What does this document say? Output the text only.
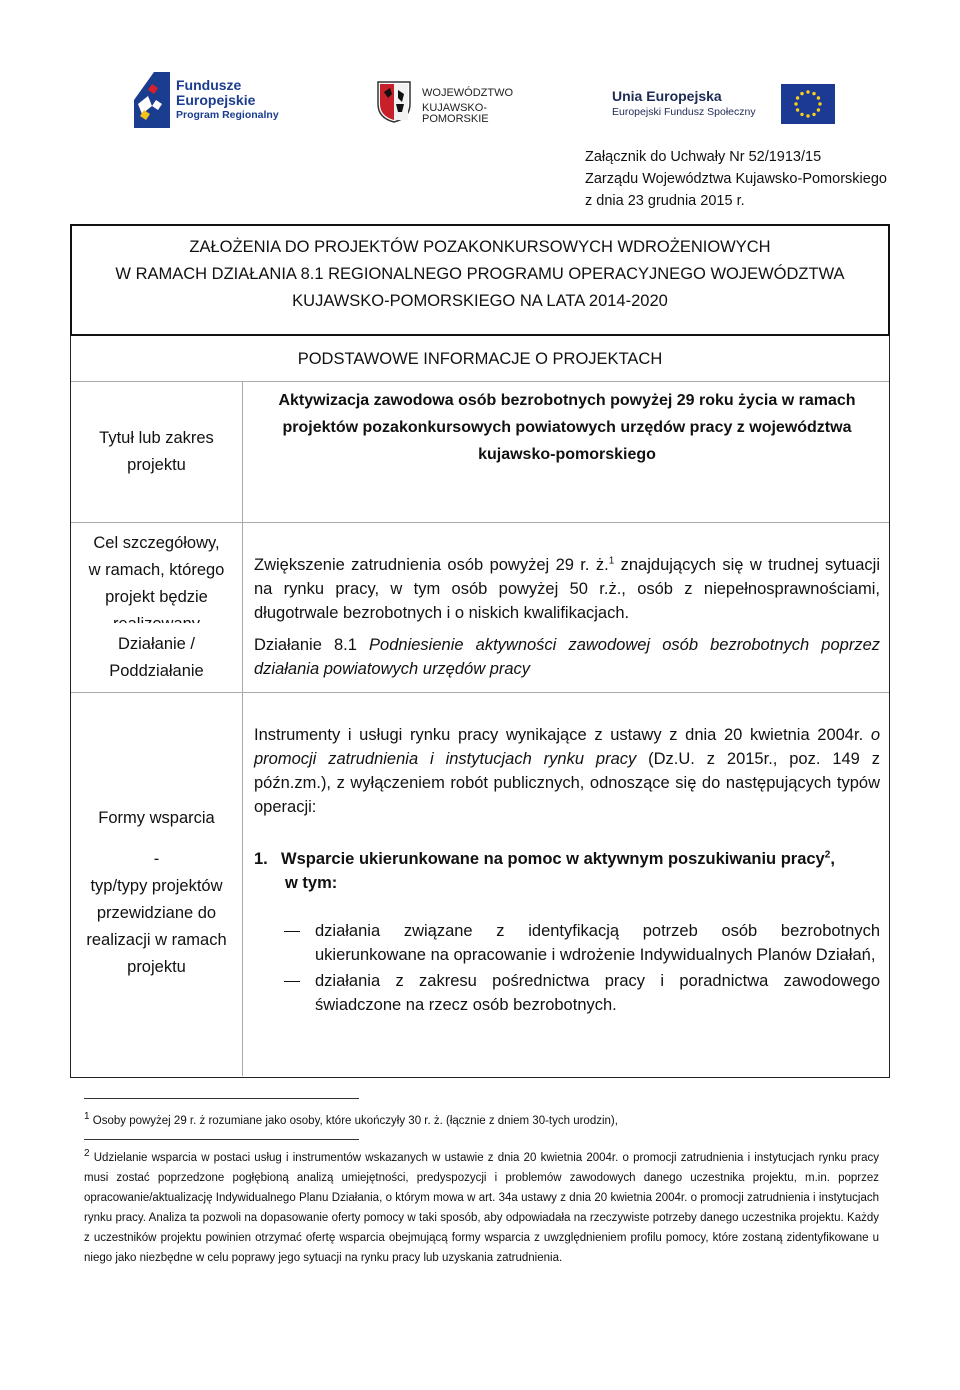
Fundusze
Europejskie
Program Regionalny
WOJEWÓDZTWO
KUJAWSKO-POMORSKIE
Unia Europejska
Europejski Fundusz Społeczny
Załącznik do Uchwały Nr 52/1913/15
Zarządu Województwa Kujawsko-Pomorskiego
z dnia 23 grudnia 2015 r.
ZAŁOŻENIA DO PROJEKTÓW POZAKONKURSOWYCH WDROŻENIOWYCH
W RAMACH DZIAŁANIA 8.1 REGIONALNEGO PROGRAMU OPERACYJNEGO WOJEWÓDZTWA
KUJAWSKO-POMORSKIEGO NA LATA 2014-2020
PODSTAWOWE INFORMACJE O PROJEKTACH
Tytuł lub zakres
projektu
Aktywizacja zawodowa osób bezrobotnych powyżej 29 roku życia w ramach projektów pozakonkursowych powiatowych urzędów pracy z województwa kujawsko-pomorskiego
Cel szczegółowy,
w ramach, którego
projekt będzie
Zwiększenie zatrudnienia osób powyżej 29 r. ż.$^1$ znajdujących się w trudnej sytuacji na rynku pracy, w tym osób powyżej 50 r.ż., osób z niepełnosprawnościami, długotrwale bezrobotnych i o niskich kwalifikacjach.
Działanie /
Poddziałanie
Działanie 8.1 Podniesienie aktywności zawodowej osób bezrobotnych poprzez działania powiatowych urzędów pracy
Formy wsparcia
-
typ/typy projektów
przewidziane do
realizacji w ramach
projektu
Instrumenty i usługi rynku pracy wynikające z ustawy z dnia 20 kwietnia 2004r. o promocji zatrudnienia i instytucjach rynku pracy (Dz.U. z 2015r., poz. 149 z późn.zm.), z wyłączeniem robót publicznych, odnoszące się do następujących typów operacji:
1. Wsparcie ukierunkowane na pomoc w aktywnym poszukiwaniu pracy$^2$,
w tym:
działania związane z identyfikacją potrzeb osób bezrobotnych ukierunkowane na opracowanie i wdrożenie Indywidualnych Planów Działań,
działania z zakresu pośrednictwa pracy i poradnictwa zawodowego świadczone na rzecz osób bezrobotnych.
$^1$ Osoby powyżej 29 r. ż rozumiane jako osoby, które ukończyły 30 r. ż. (łącznie z dniem 30-tych urodzin),
$^2$ Udzielanie wsparcia w postaci usług i instrumentów wskazanych w ustawie z dnia 20 kwietnia 2004r. o promocji zatrudnienia i instytucjach rynku pracy musi zostać poprzedzone pogłębioną analizą umiejętności, predyspozycji i problemów zawodowych danego uczestnika projektu, m.in. poprzez opracowanie/aktualizację Indywidualnego Planu Działania, o którym mowa w art. 34a ustawy z dnia 20 kwietnia 2004r. o promocji zatrudnienia i instytucjach rynku pracy. Analiza ta pozwoli na dopasowanie oferty pomocy w taki sposób, aby odpowiadała na rzeczywiste potrzeby danego uczestnika projektu. Każdy z uczestników projektu powinien otrzymać ofertę wsparcia obejmującą formy wsparcia z uwzględnieniem profilu pomocy, które zostaną zidentyfikowane u niego jako niezbędne w celu poprawy jego sytuacji na rynku pracy lub uzyskania zatrudnienia.
